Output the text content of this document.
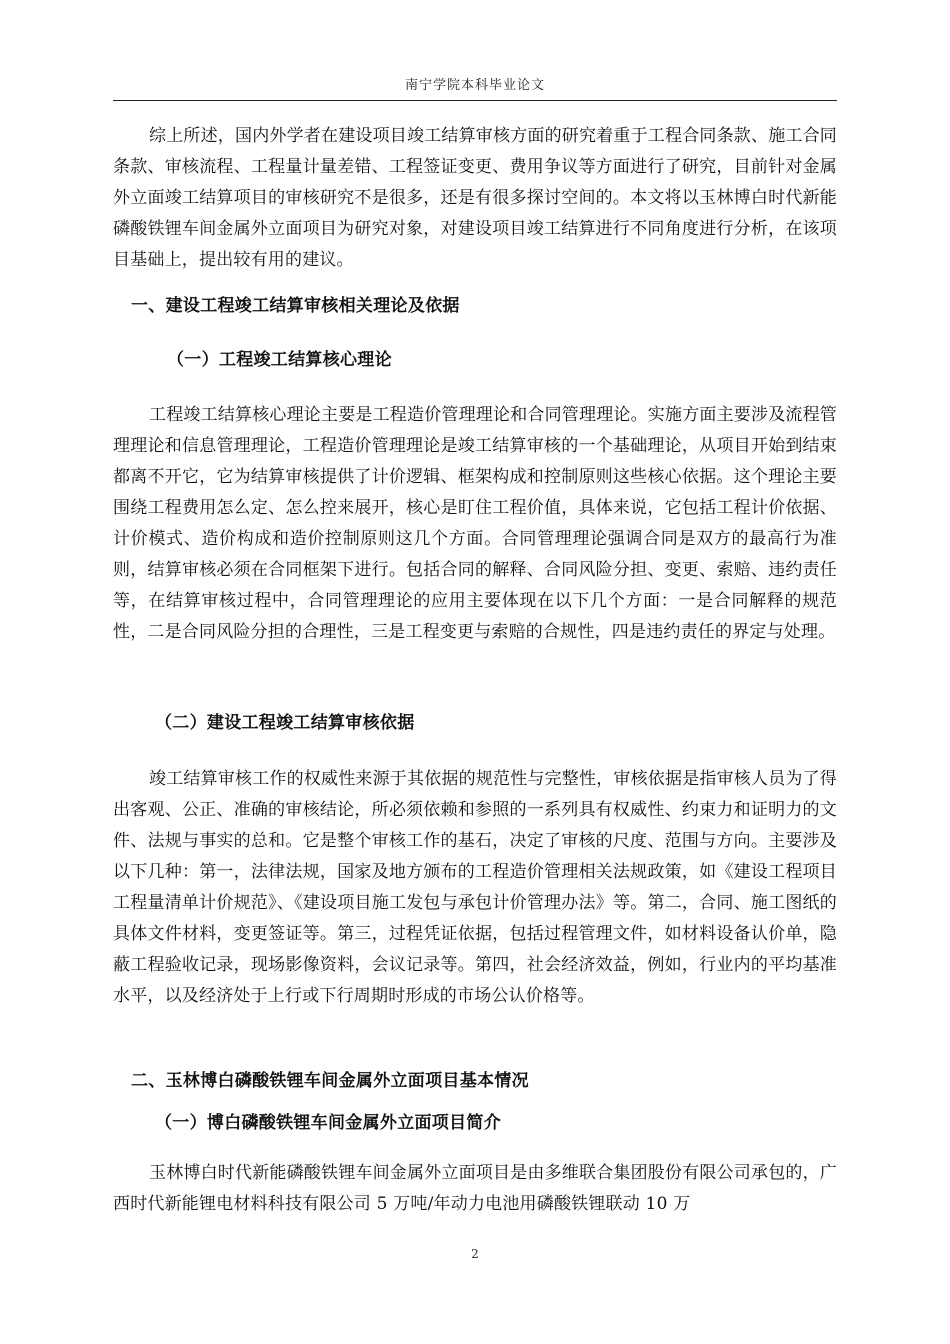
南宁学院本科毕业论文

综上所述，国内外学者在建设项目竣工结算审核方面的研究着重于工程合同条款、施工合同条款、审核流程、工程量计量差错、工程签证变更、费用争议等方面进行了研究，目前针对金属外立面竣工结算项目的审核研究不是很多，还是有很多探讨空间的。本文将以玉林博白时代新能磷酸铁锂车间金属外立面项目为研究对象，对建设项目竣工结算进行不同角度进行分析，在该项目基础上，提出较有用的建议。

一、建设工程竣工结算审核相关理论及依据
（一）工程竣工结算核心理论

工程竣工结算核心理论主要是工程造价管理理论和合同管理理论。实施方面主要涉及流程管理理论和信息管理理论，工程造价管理理论是竣工结算审核的一个基础理论，从项目开始到结束都离不开它，它为结算审核提供了计价逻辑、框架构成和控制原则这些核心依据。这个理论主要围绕工程费用怎么定、怎么控来展开，核心是盯住工程价值，具体来说，它包括工程计价依据、计价模式、造价构成和造价控制原则这几个方面。合同管理理论强调合同是双方的最高行为准则，结算审核必须在合同框架下进行。包括合同的解释、合同风险分担、变更、索赔、违约责任等，在结算审核过程中，合同管理理论的应用主要体现在以下几个方面：一是合同解释的规范性，二是合同风险分担的合理性，三是工程变更与索赔的合规性，四是违约责任的界定与处理。

（二）建设工程竣工结算审核依据

竣工结算审核工作的权威性来源于其依据的规范性与完整性，审核依据是指审核人员为了得出客观、公正、准确的审核结论，所必须依赖和参照的一系列具有权威性、约束力和证明力的文件、法规与事实的总和。它是整个审核工作的基石，决定了审核的尺度、范围与方向。主要涉及以下几种：第一，法律法规，国家及地方颁布的工程造价管理相关法规政策，如《建设工程项目工程量清单计价规范》、《建设项目施工发包与承包计价管理办法》等。第二，合同、施工图纸的具体文件材料，变更签证等。第三，过程凭证依据，包括过程管理文件，如材料设备认价单，隐蔽工程验收记录，现场影像资料，会议记录等。第四，社会经济效益，例如，行业内的平均基准水平，以及经济处于上行或下行周期时形成的市场公认价格等。

二、玉林博白磷酸铁锂车间金属外立面项目基本情况
（一）博白磷酸铁锂车间金属外立面项目简介

玉林博白时代新能磷酸铁锂车间金属外立面项目是由多维联合集团股份有限公司承包的，广西时代新能锂电材料科技有限公司 5 万吨/年动力电池用磷酸铁锂联动 10 万

2
